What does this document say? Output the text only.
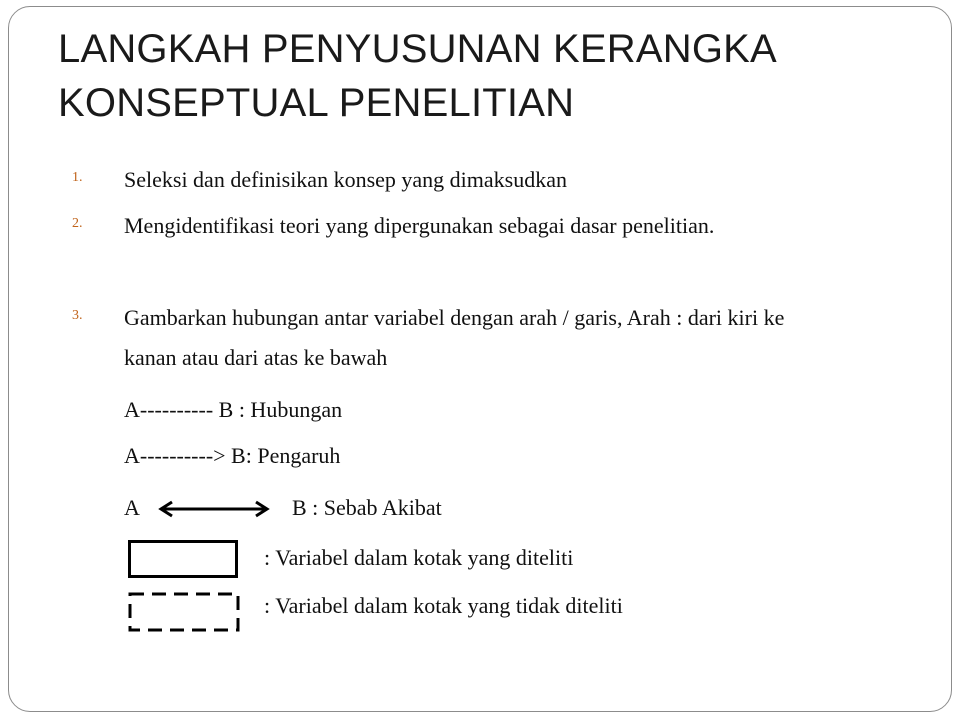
LANGKAH PENYUSUNAN KERANGKA KONSEPTUAL PENELITIAN
1. Seleksi dan definisikan konsep yang dimaksudkan
2. Mengidentifikasi teori yang dipergunakan sebagai dasar penelitian.
3. Gambarkan hubungan antar variabel dengan arah / garis, Arah : dari kiri ke kanan atau dari atas ke bawah
A---------- B : Hubungan
A----------> B: Pengaruh
A	B : Sebab Akibat
: Variabel dalam kotak yang diteliti
: Variabel dalam kotak yang tidak diteliti
